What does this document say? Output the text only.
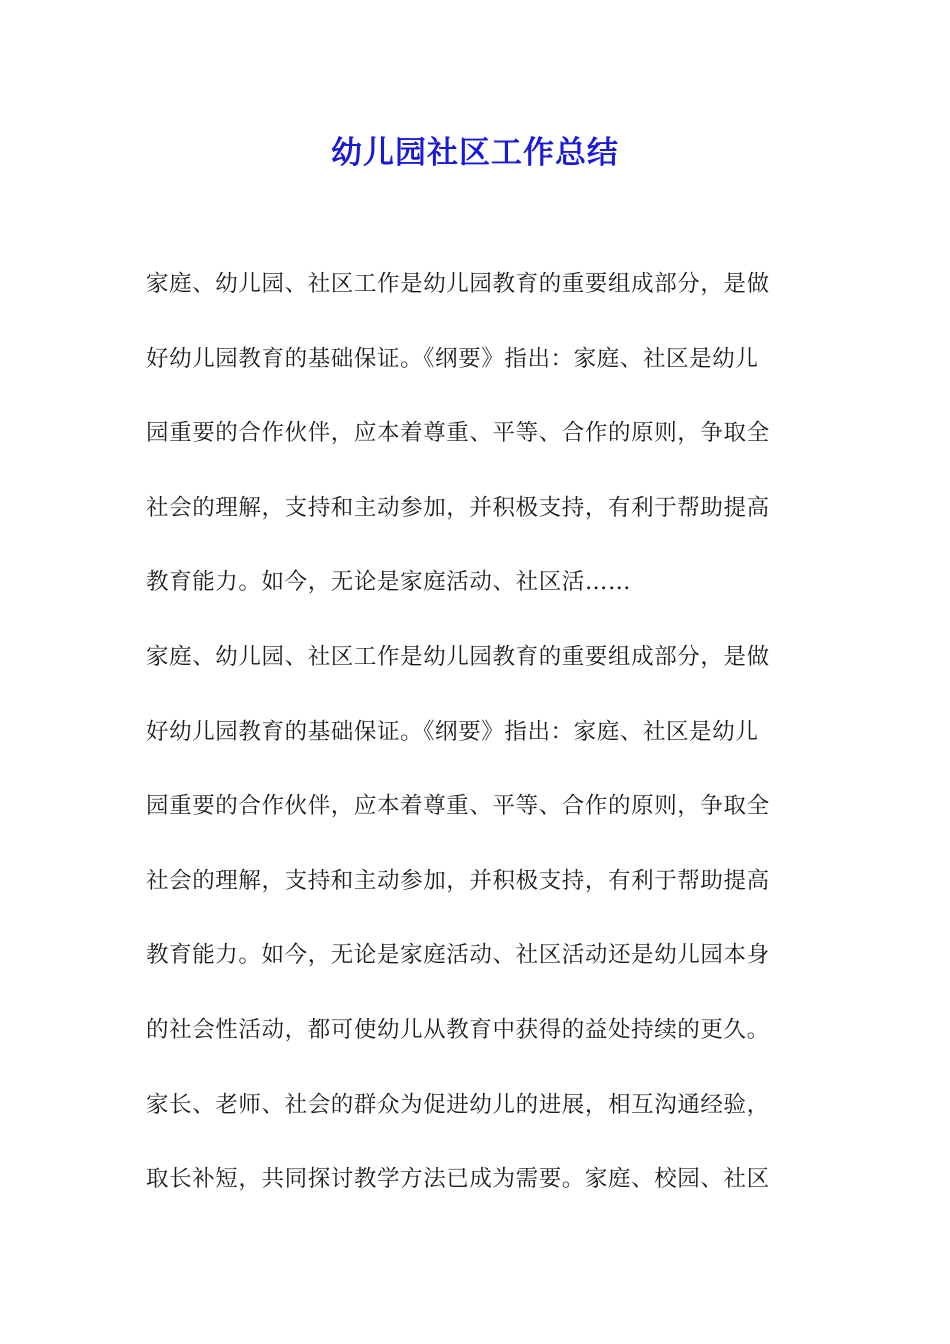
幼儿园社区工作总结
家庭、幼儿园、社区工作是幼儿园教育的重要组成部分，是做
好幼儿园教育的基础保证。《纲要》指出：家庭、社区是幼儿
园重要的合作伙伴，应本着尊重、平等、合作的原则，争取全
社会的理解，支持和主动参加，并积极支持，有利于帮助提高
教育能力。如今，无论是家庭活动、社区活……
家庭、幼儿园、社区工作是幼儿园教育的重要组成部分，是做
好幼儿园教育的基础保证。《纲要》指出：家庭、社区是幼儿
园重要的合作伙伴，应本着尊重、平等、合作的原则，争取全
社会的理解，支持和主动参加，并积极支持，有利于帮助提高
教育能力。如今，无论是家庭活动、社区活动还是幼儿园本身
的社会性活动，都可使幼儿从教育中获得的益处持续的更久。
家长、老师、社会的群众为促进幼儿的进展，相互沟通经验，
取长补短，共同探讨教学方法已成为需要。家庭、校园、社区
